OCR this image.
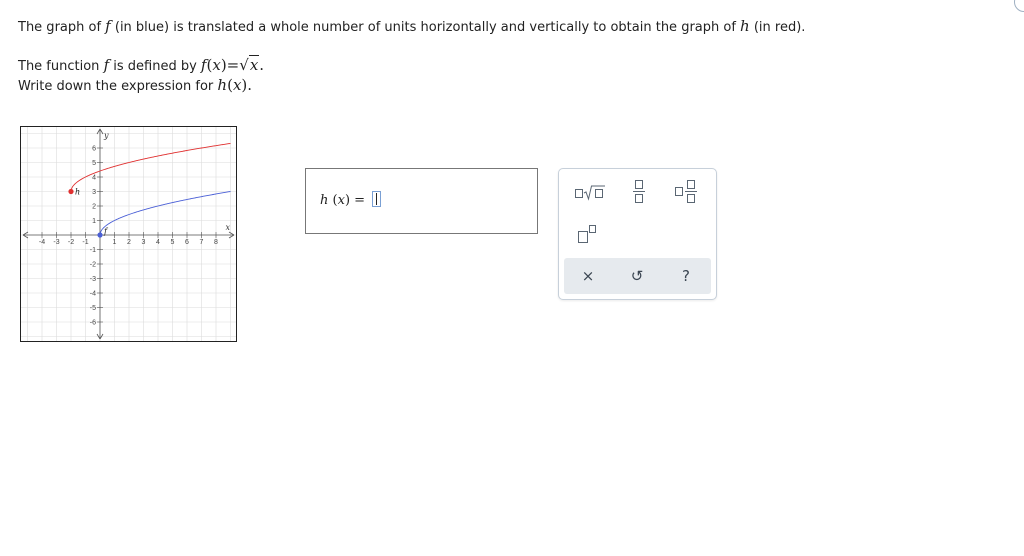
The graph of f (in blue) is translated a whole number of units horizontally and vertically to obtain the graph of h (in red).
The function f is defined by f(x)=√x.
Write down the expression for h(x).
-4 -3 -2 -1	1 2 3 4 5 6 7 8
1
2
3
4
5
6
-1
-2
-3
-4
-5
-6
x
y
h
f
h (x) =
×	↺	?
